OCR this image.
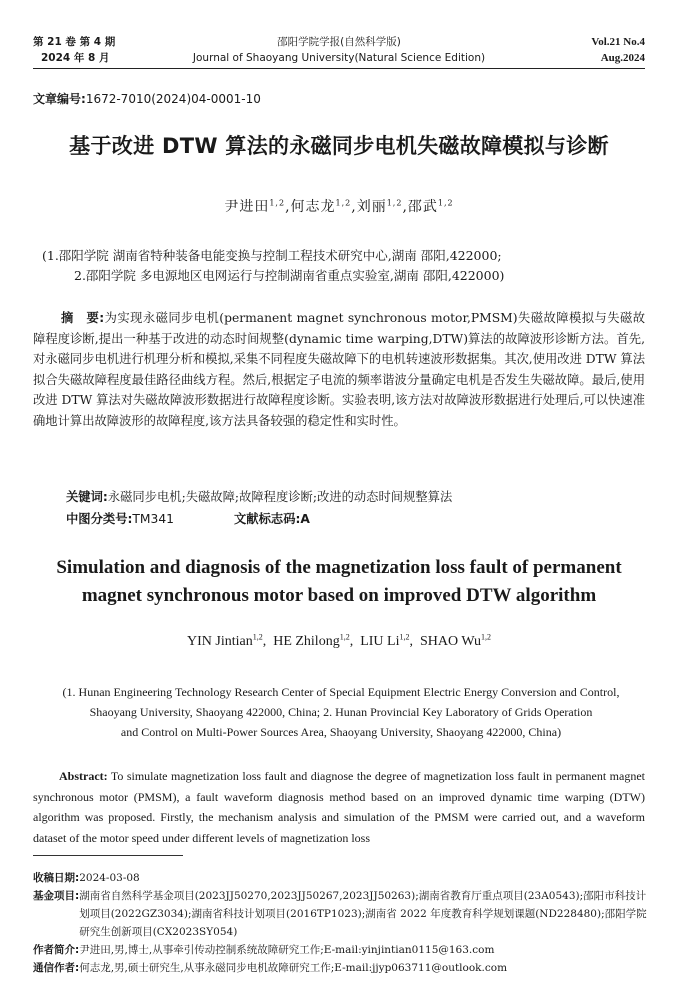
第 21 卷 第 4 期
2024 年 8 月
邵阳学院学报(自然科学版)
Journal of Shaoyang University(Natural Science Edition)
Vol.21 No.4
Aug.2024
文章编号:1672-7010(2024)04-0001-10
基于改进 DTW 算法的永磁同步电机失磁故障模拟与诊断
尹进田$^{1,2}$,何志龙$^{1,2}$,刘丽$^{1,2}$,邵武$^{1,2}$
(1.邵阳学院 湖南省特种装备电能变换与控制工程技术研究中心,湖南 邵阳,422000;
2.邵阳学院 多电源地区电网运行与控制湖南省重点实验室,湖南 邵阳,422000)
摘　要:为实现永磁同步电机(permanent magnet synchronous motor,PMSM)失磁故障模拟与失磁故障程度诊断,提出一种基于改进的动态时间规整(dynamic time warping,DTW)算法的故障波形诊断方法。首先,对永磁同步电机进行机理分析和模拟,采集不同程度失磁故障下的电机转速波形数据集。其次,使用改进 DTW 算法拟合失磁故障程度最佳路径曲线方程。然后,根据定子电流的频率谐波分量确定电机是否发生失磁故障。最后,使用改进 DTW 算法对失磁故障波形数据进行故障程度诊断。实验表明,该方法对故障波形数据进行处理后,可以快速准确地计算出故障波形的故障程度,该方法具备较强的稳定性和实时性。
关键词:永磁同步电机;失磁故障;故障程度诊断;改进的动态时间规整算法
中图分类号:TM341	文献标志码:A
Simulation and diagnosis of the magnetization loss fault of permanent
magnet synchronous motor based on improved DTW algorithm
YIN Jintian$^{1,2}$,  HE Zhilong$^{1,2}$,  LIU Li$^{1,2}$,  SHAO Wu$^{1,2}$
(1. Hunan Engineering Technology Research Center of Special Equipment Electric Energy Conversion and Control,
Shaoyang University, Shaoyang 422000, China; 2. Hunan Provincial Key Laboratory of Grids Operation
and Control on Multi-Power Sources Area, Shaoyang University, Shaoyang 422000, China)
Abstract: To simulate magnetization loss fault and diagnose the degree of magnetization loss fault in permanent magnet synchronous motor (PMSM), a fault waveform diagnosis method based on an improved dynamic time warping (DTW) algorithm was proposed. Firstly, the mechanism analysis and simulation of the PMSM were carried out, and a waveform dataset of the motor speed under different levels of magnetization loss
收稿日期: 2024-03-08
基金项目: 湖南省自然科学基金项目(2023JJ50270,2023JJ50267,2023JJ50263);湖南省教育厅重点项目(23A0543);邵阳市科技计划项目(2022GZ3034);湖南省科技计划项目(2016TP1023);湖南省 2022 年度教育科学规划课题(ND228480);邵阳学院研究生创新项目(CX2023SY054)
作者简介: 尹进田,男,博士,从事牵引传动控制系统故障研究工作;E-mail:yinjintian0115@163.com
通信作者: 何志龙,男,硕士研究生,从事永磁同步电机故障研究工作;E-mail:jjyp063711@outlook.com
